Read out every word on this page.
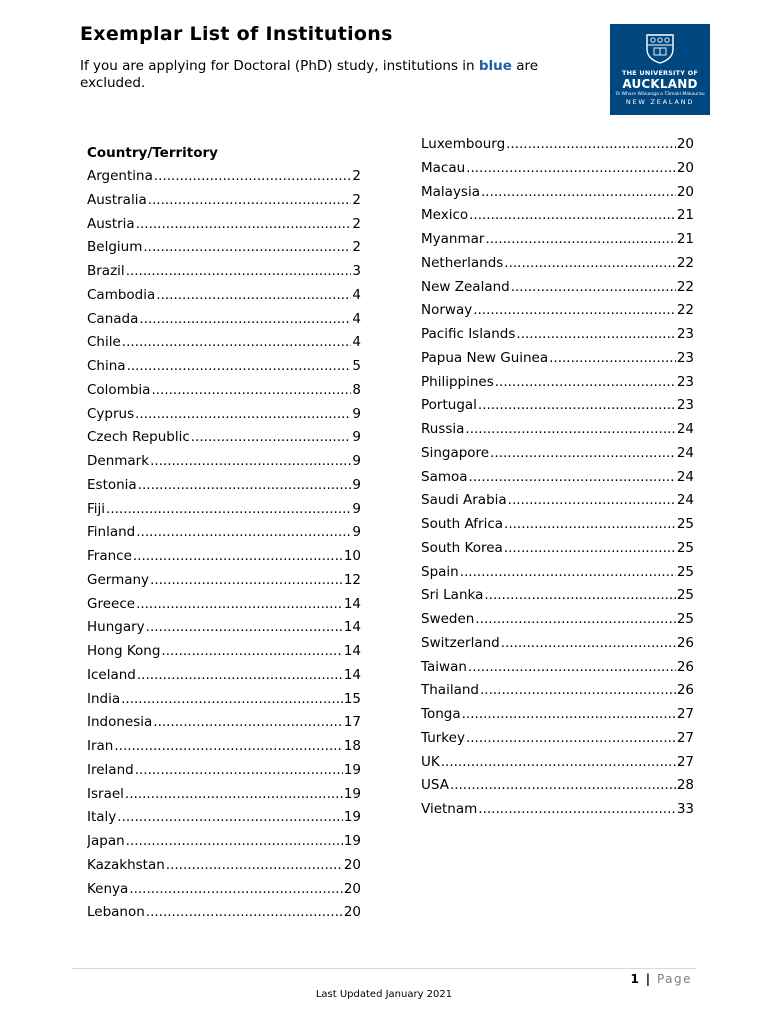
Exemplar List of Institutions
If you are applying for Doctoral (PhD) study, institutions in blue are excluded.
THE UNIVERSITY OF
AUCKLAND
Te Whare Wānanga o Tāmaki Makaurau
NEW ZEALAND
Country/Territory
Argentina .....	2
Australia .....	2
Austria .....	2
Belgium .....	2
Brazil .....	3
Cambodia .....	4
Canada .....	4
Chile .....	4
China .....	5
Colombia .....	8
Cyprus .....	9
Czech Republic .....	9
Denmark .....	9
Estonia .....	9
Fiji .....	9
Finland .....	9
France .....	10
Germany .....	12
Greece .....	14
Hungary .....	14
Hong Kong .....	14
Iceland .....	14
India .....	15
Indonesia .....	17
Iran .....	18
Ireland .....	19
Israel .....	19
Italy .....	19
Japan .....	19
Kazakhstan .....	20
Kenya .....	20
Lebanon .....	20
Luxembourg .....	20
Macau .....	20
Malaysia .....	20
Mexico .....	21
Myanmar .....	21
Netherlands .....	22
New Zealand .....	22
Norway .....	22
Pacific Islands .....	23
Papua New Guinea .....	23
Philippines .....	23
Portugal .....	23
Russia .....	24
Singapore .....	24
Samoa .....	24
Saudi Arabia .....	24
South Africa .....	25
South Korea .....	25
Spain .....	25
Sri Lanka .....	25
Sweden .....	25
Switzerland .....	26
Taiwan .....	26
Thailand .....	26
Tonga .....	27
Turkey .....	27
UK .....	27
USA .....	28
Vietnam .....	33
1 | Page
Last Updated January 2021
